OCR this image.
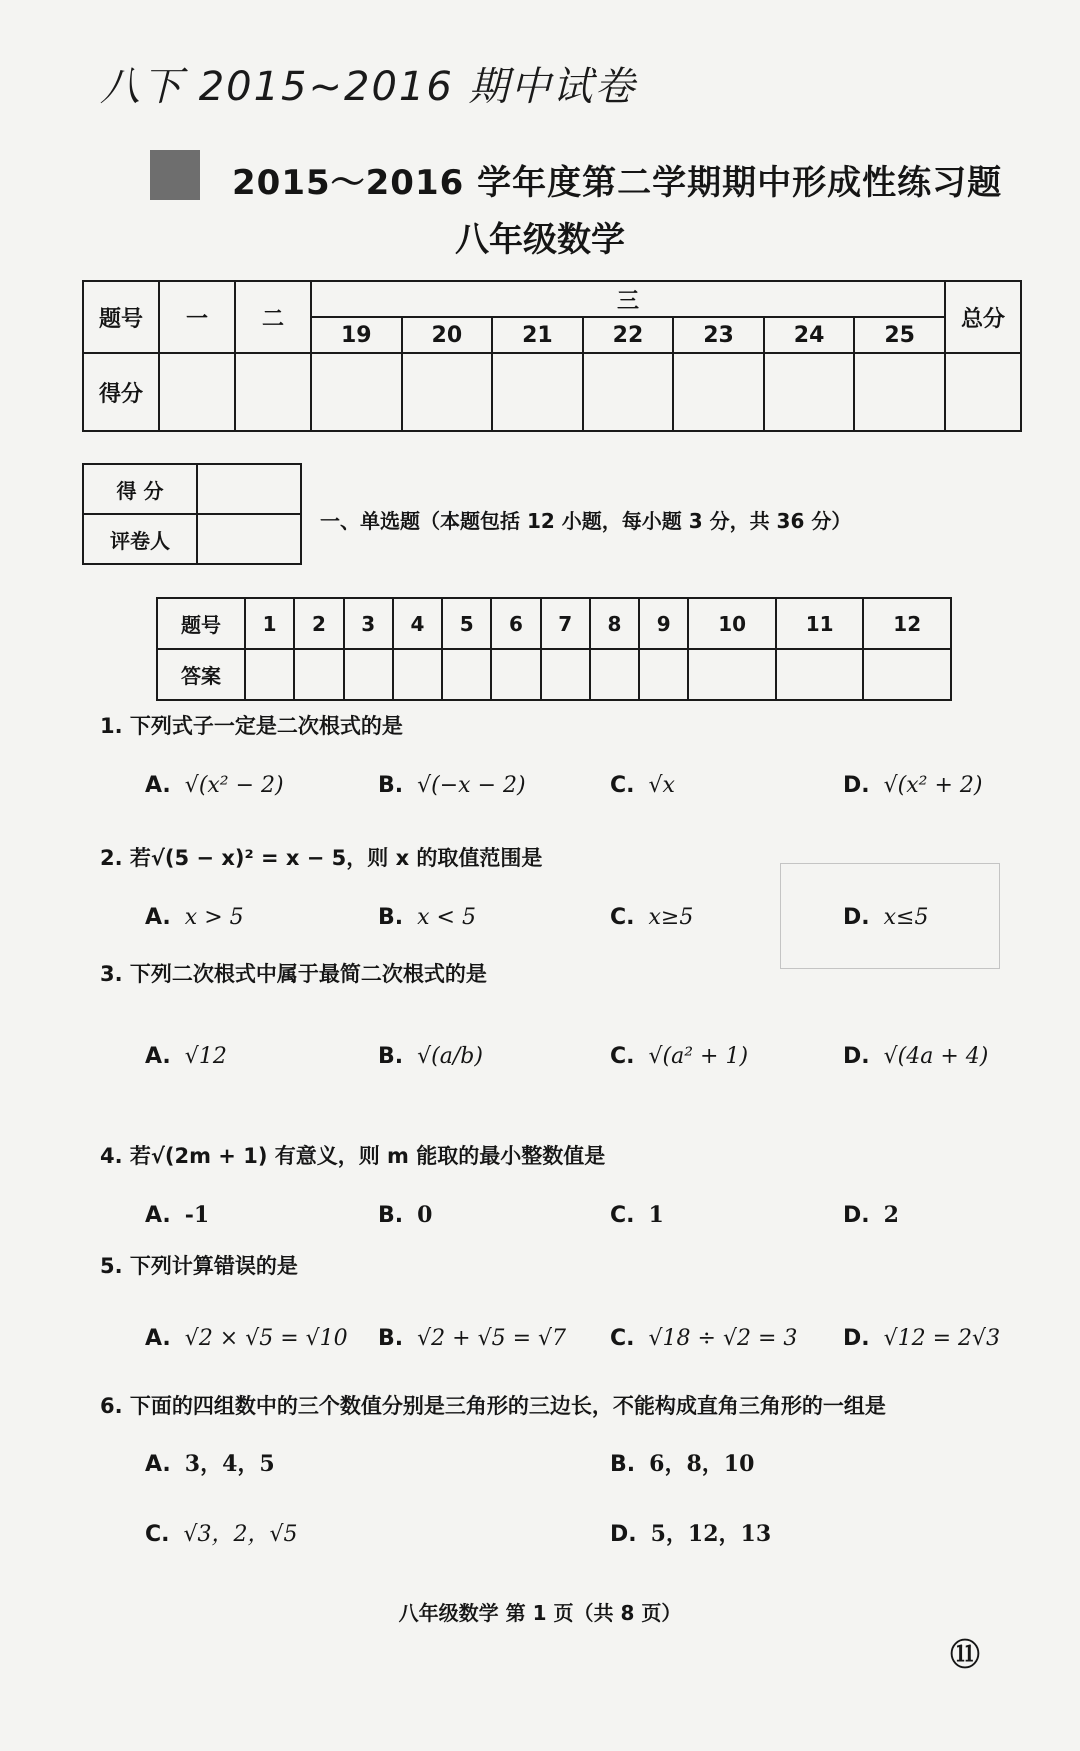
八下 2015~2016 期中试卷
2015～2016 学年度第二学期期中形成性练习题
八年级数学
题号	一	二	三							总分
			19	20	21	22	23	24	25	
得分										
得 分	
评卷人	
一、单选题（本题包括 12 小题，每小题 3 分，共 36 分）
题号	1	2	3	4	5	6	7	8	9	10	11	12
答案												
1. 下列式子一定是二次根式的是
A. √(x² − 2)	B. √(−x − 2)	C. √x	D. √(x² + 2)
2. 若√(5 − x)² = x − 5，则 x 的取值范围是
A. x > 5	B. x < 5	C. x≥5	D. x≤5
3. 下列二次根式中属于最简二次根式的是
A. √12	B. √(a/b)	C. √(a² + 1)	D. √(4a + 4)
4. 若√(2m + 1) 有意义，则 m 能取的最小整数值是
A. -1	B. 0	C. 1	D. 2
5. 下列计算错误的是
A. √2 × √5 = √10 B. √2 + √5 = √7 C. √18 ÷ √2 = 3 D. √12 = 2√3
6. 下面的四组数中的三个数值分别是三角形的三边长，不能构成直角三角形的一组是
A. 3，4，5	B. 6，8，10
C. √3，2，√5	D. 5，12，13
八年级数学 第 1 页（共 8 页）
⑪
